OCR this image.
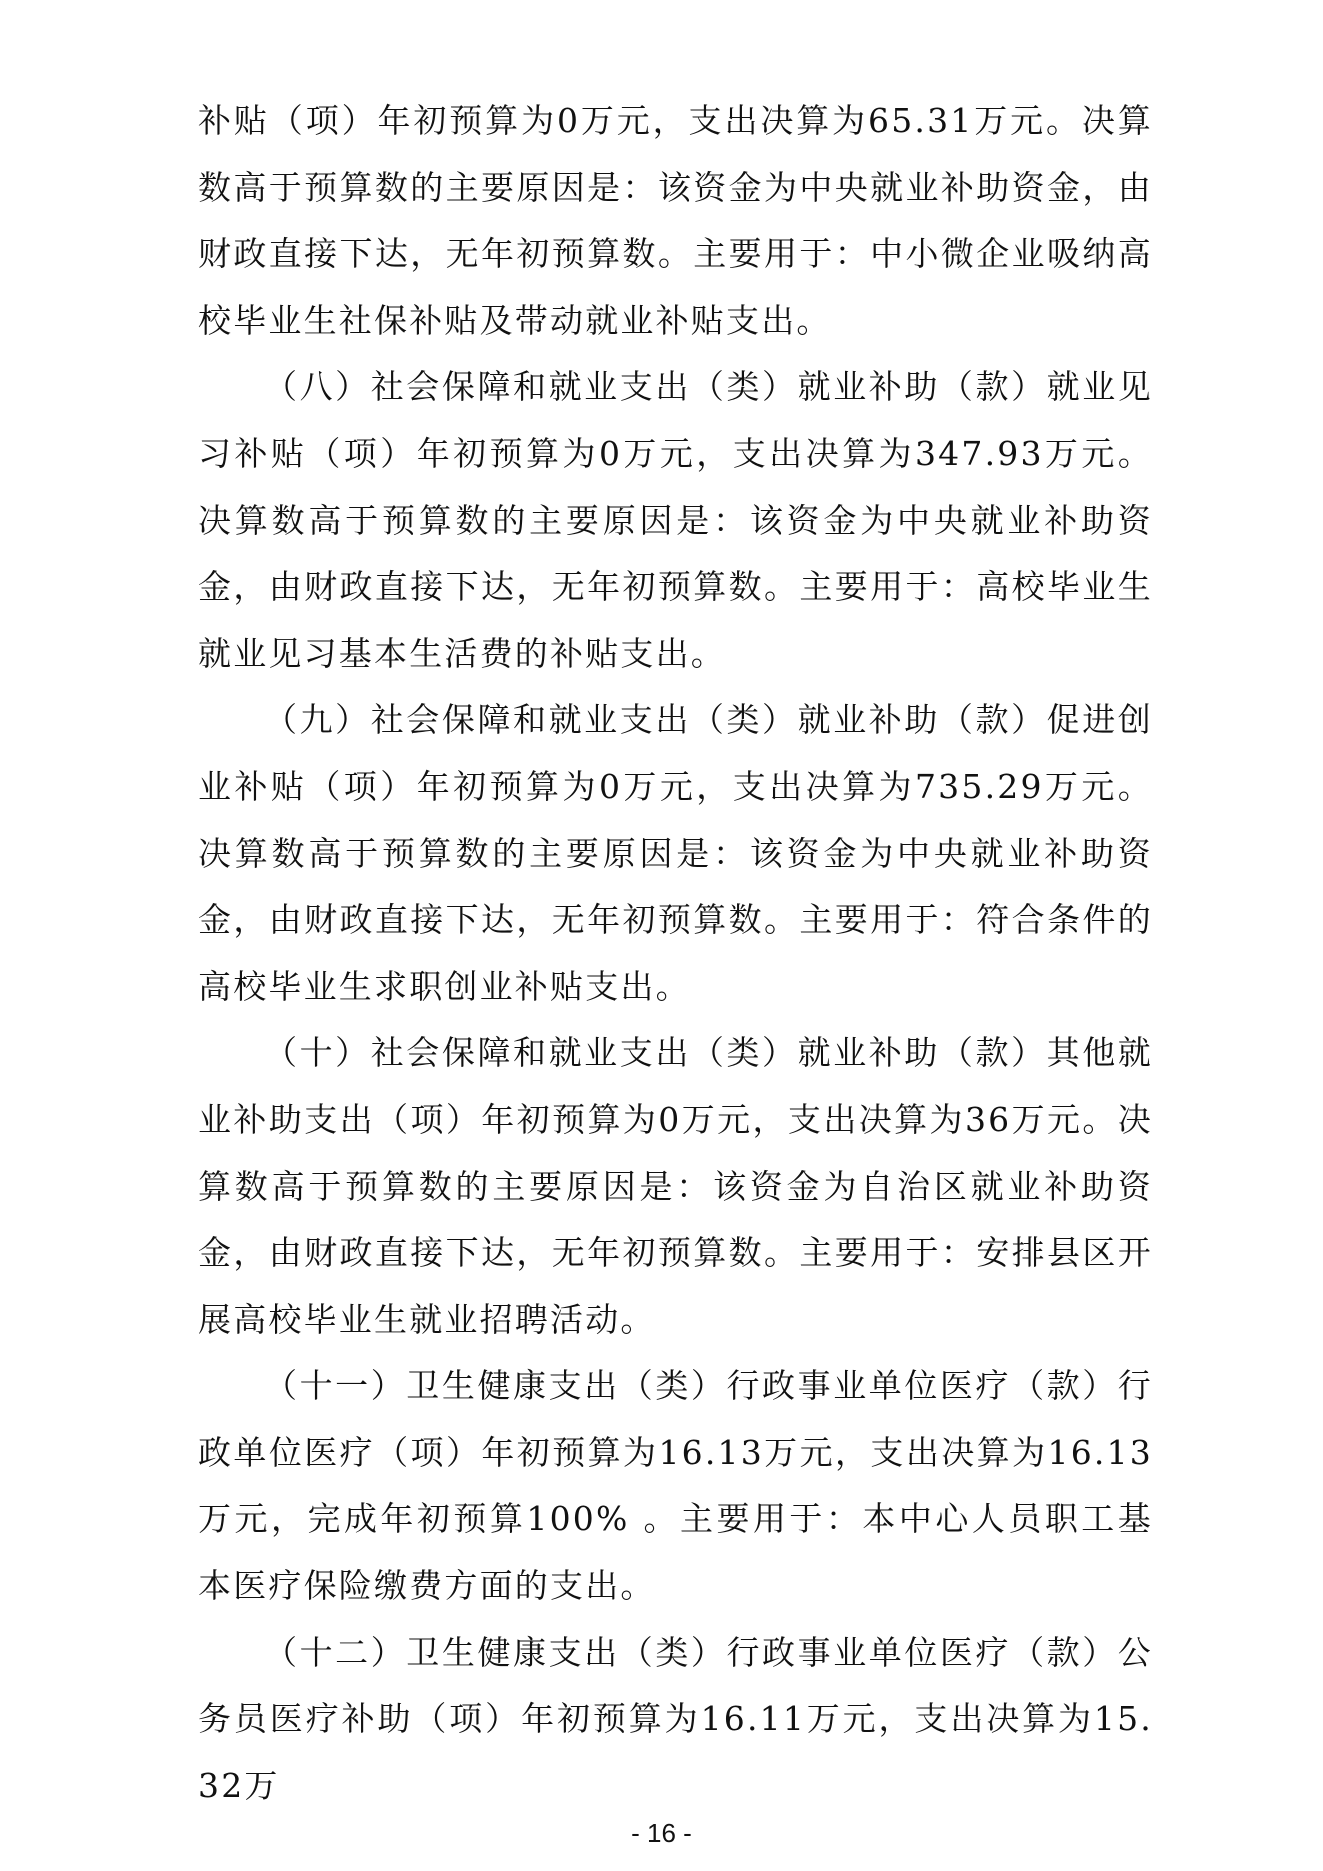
补贴（项）年初预算为0万元，支出决算为65.31万元。决算数高于预算数的主要原因是：该资金为中央就业补助资金，由财政直接下达，无年初预算数。主要用于：中小微企业吸纳高校毕业生社保补贴及带动就业补贴支出。

（八）社会保障和就业支出（类）就业补助（款）就业见习补贴（项）年初预算为0万元，支出决算为347.93万元。决算数高于预算数的主要原因是：该资金为中央就业补助资金，由财政直接下达，无年初预算数。主要用于：高校毕业生就业见习基本生活费的补贴支出。

（九）社会保障和就业支出（类）就业补助（款）促进创业补贴（项）年初预算为0万元，支出决算为735.29万元。决算数高于预算数的主要原因是：该资金为中央就业补助资金，由财政直接下达，无年初预算数。主要用于：符合条件的高校毕业生求职创业补贴支出。

（十）社会保障和就业支出（类）就业补助（款）其他就业补助支出（项）年初预算为0万元，支出决算为36万元。决算数高于预算数的主要原因是：该资金为自治区就业补助资金，由财政直接下达，无年初预算数。主要用于：安排县区开展高校毕业生就业招聘活动。

（十一）卫生健康支出（类）行政事业单位医疗（款）行政单位医疗（项）年初预算为16.13万元，支出决算为16.13万元，完成年初预算100% 。主要用于：本中心人员职工基本医疗保险缴费方面的支出。

（十二）卫生健康支出（类）行政事业单位医疗（款）公务员医疗补助（项）年初预算为16.11万元，支出决算为15.32万

- 16 -
